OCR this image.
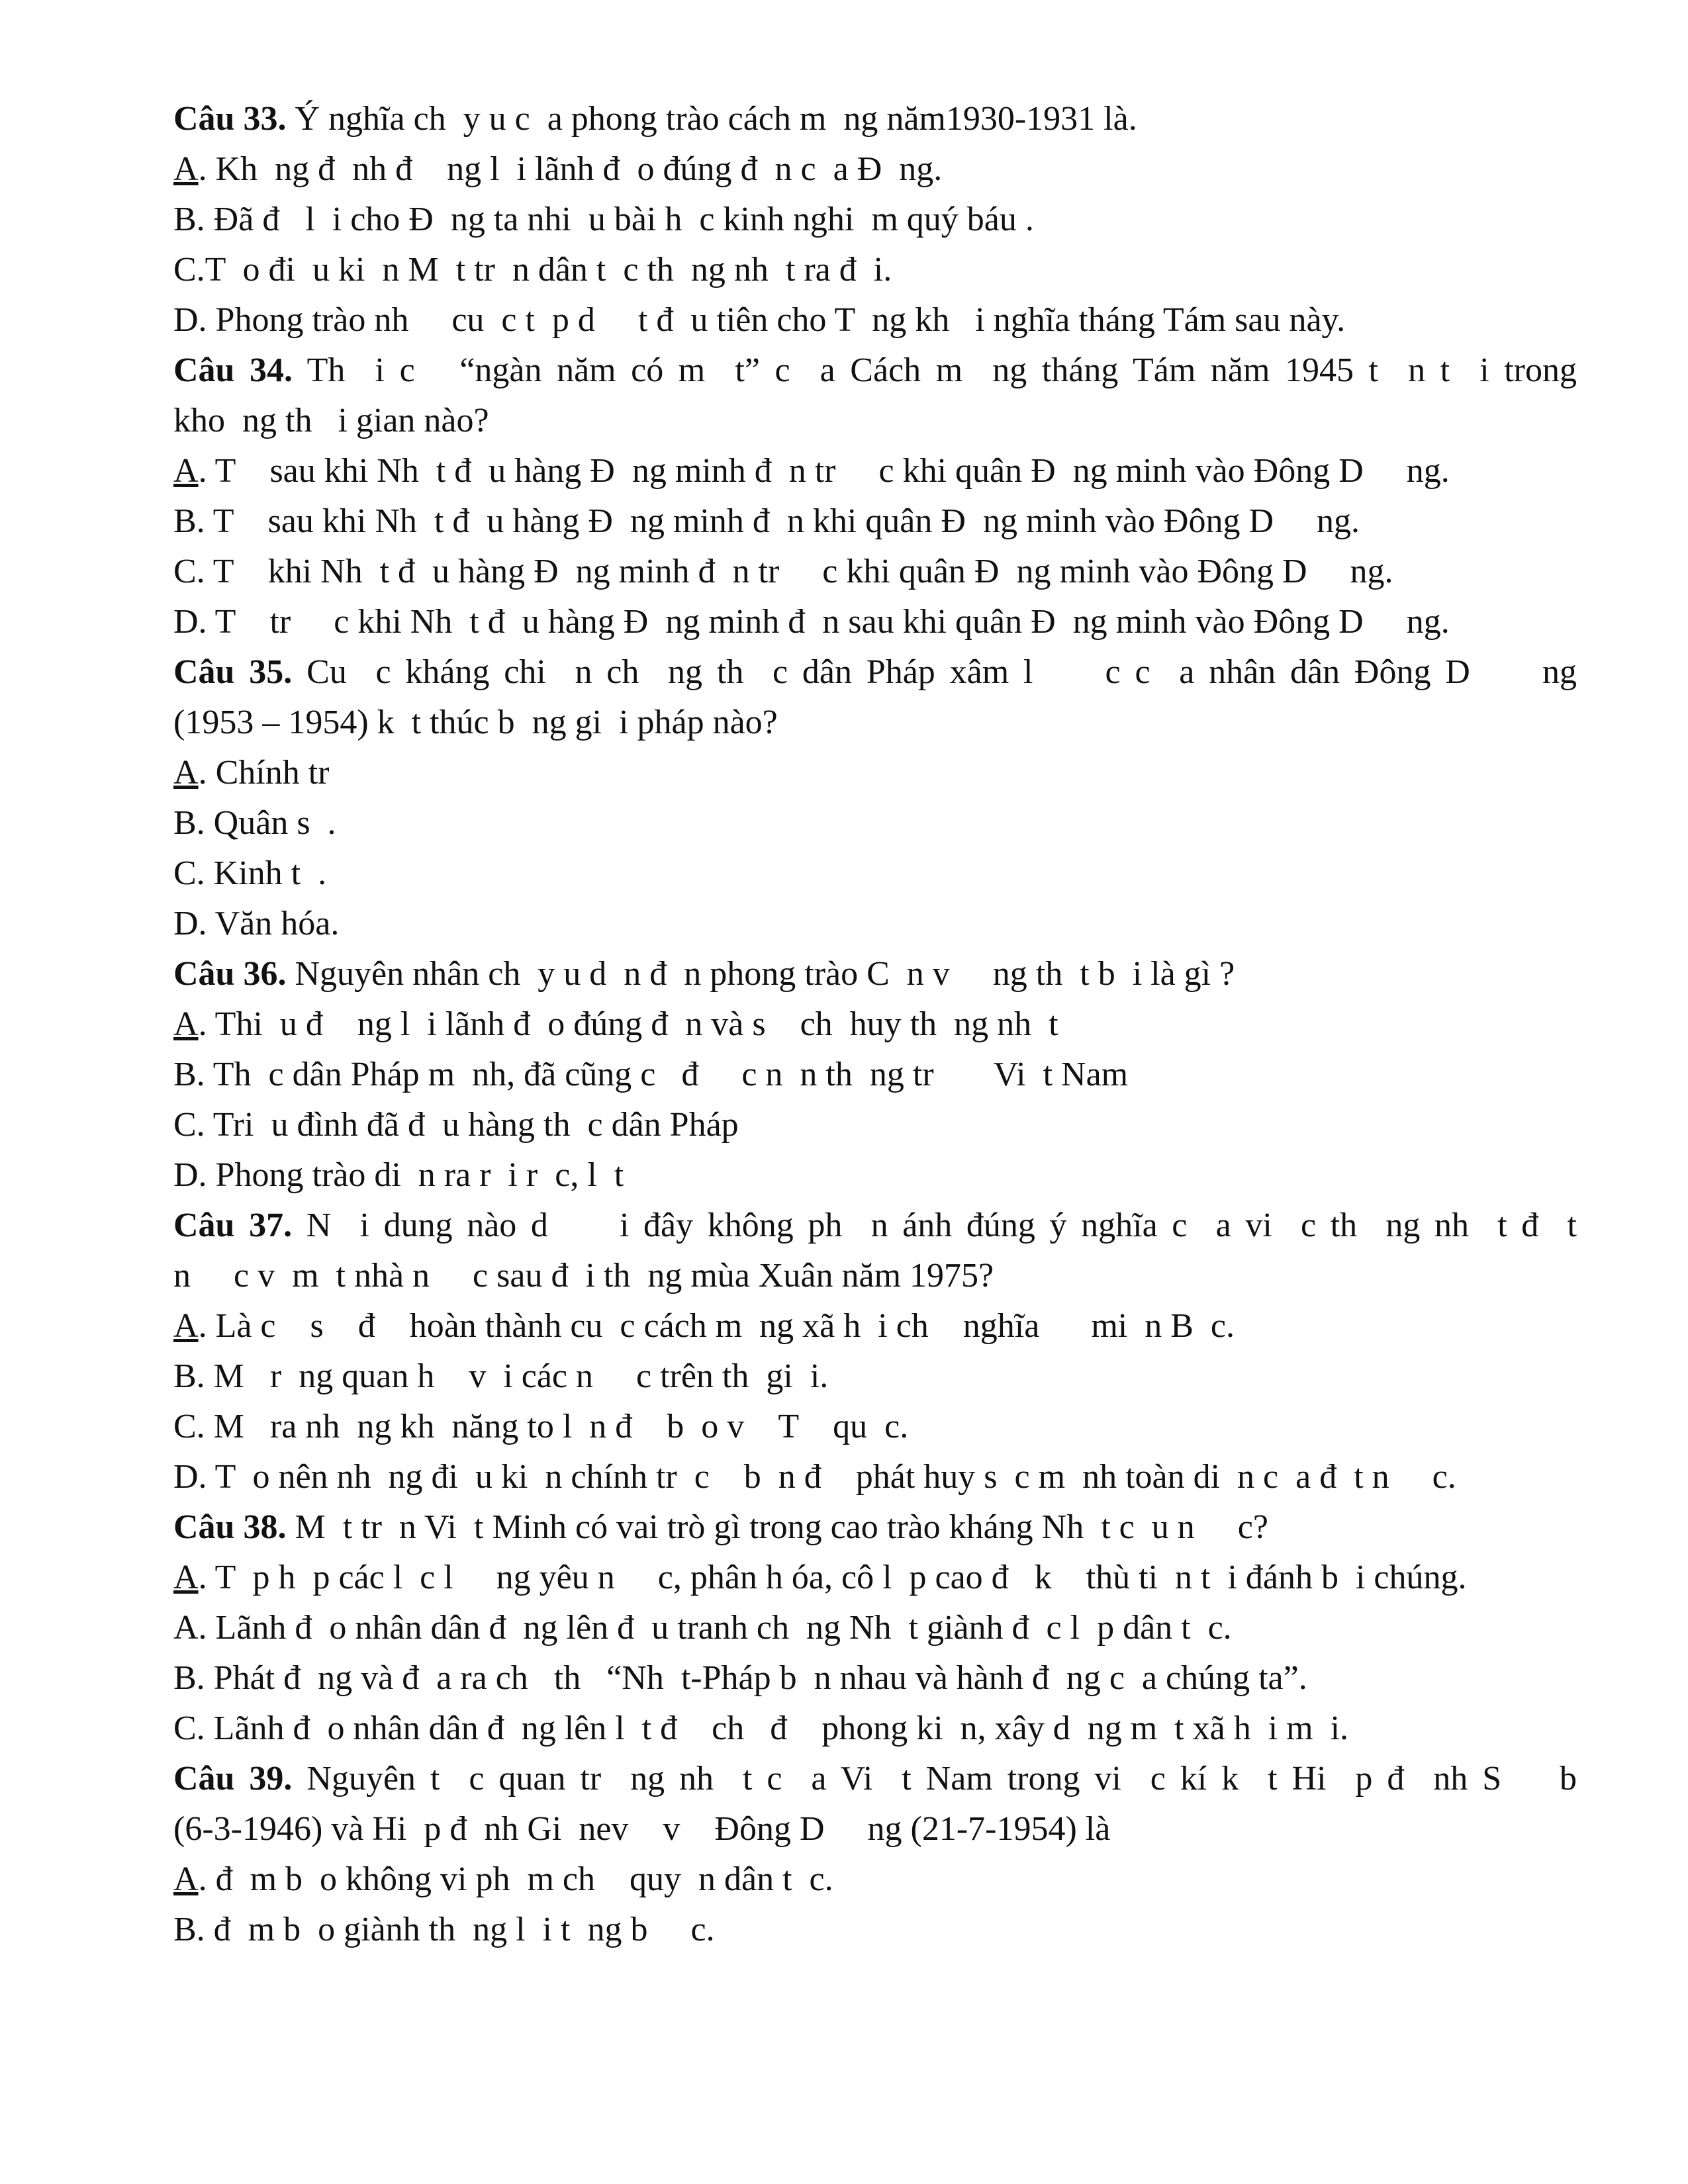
Câu 33. Ý nghĩa ch  y u c  a phong trào cách m  ng năm1930-1931 là.
A. Kh  ng đ  nh đ    ng l  i lãnh đ  o đúng đ  n c  a Đ  ng.
B. Đã đ   l  i cho Đ  ng ta nhi  u bài h  c kinh nghi  m quý báu .
C.T  o đi  u ki  n M  t tr  n dân t  c th  ng nh  t ra đ  i.
D. Phong trào nh     cu  c t  p d     t đ  u tiên cho T  ng kh   i nghĩa tháng Tám sau này.
Câu 34. Th  i c   “ngàn năm có m  t” c  a Cách m  ng tháng Tám năm 1945 t  n t  i trong
kho  ng th   i gian nào?
A. T    sau khi Nh  t đ  u hàng Đ  ng minh đ  n tr     c khi quân Đ  ng minh vào Đông D     ng.
B. T    sau khi Nh  t đ  u hàng Đ  ng minh đ  n khi quân Đ  ng minh vào Đông D     ng.
C. T    khi Nh  t đ  u hàng Đ  ng minh đ  n tr     c khi quân Đ  ng minh vào Đông D     ng.
D. T    tr     c khi Nh  t đ  u hàng Đ  ng minh đ  n sau khi quân Đ  ng minh vào Đông D     ng.
Câu 35. Cu  c kháng chi  n ch  ng th  c dân Pháp xâm l     c c  a nhân dân Đông D     ng
(1953 – 1954) k  t thúc b  ng gi  i pháp nào?
A. Chính tr
B. Quân s  .
C. Kinh t  .
D. Văn hóa.
Câu 36. Nguyên nhân ch  y u d  n đ  n phong trào C  n v     ng th  t b  i là gì ?
A. Thi  u đ    ng l  i lãnh đ  o đúng đ  n và s    ch  huy th  ng nh  t
B. Th  c dân Pháp m  nh, đã cũng c   đ     c n  n th  ng tr       Vi  t Nam
C. Tri  u đình đã đ  u hàng th  c dân Pháp
D. Phong trào di  n ra r  i r  c, l  t
Câu 37. N  i dung nào d     i đây không ph  n ánh đúng ý nghĩa c  a vi  c th  ng nh  t đ  t
n     c v  m  t nhà n     c sau đ  i th  ng mùa Xuân năm 1975?
A. Là c    s    đ    hoàn thành cu  c cách m  ng xã h  i ch    nghĩa      mi  n B  c.
B. M   r  ng quan h    v  i các n     c trên th  gi  i.
C. M   ra nh  ng kh  năng to l  n đ    b  o v    T    qu  c.
D. T  o nên nh  ng đi  u ki  n chính tr  c    b  n đ    phát huy s  c m  nh toàn di  n c  a đ  t n     c.
Câu 38. M  t tr  n Vi  t Minh có vai trò gì trong cao trào kháng Nh  t c  u n     c?
A. T  p h  p các l  c l     ng yêu n     c, phân h óa, cô l  p cao đ   k    thù ti  n t  i đánh b  i chúng.
A. Lãnh đ  o nhân dân đ  ng lên đ  u tranh ch  ng Nh  t giành đ  c l  p dân t  c.
B. Phát đ  ng và đ  a ra ch   th   “Nh  t-Pháp b  n nhau và hành đ  ng c  a chúng ta”.
C. Lãnh đ  o nhân dân đ  ng lên l  t đ    ch   đ    phong ki  n, xây d  ng m  t xã h  i m  i.
Câu 39. Nguyên t  c quan tr  ng nh  t c  a Vi  t Nam trong vi  c kí k  t Hi  p đ  nh S    b
(6-3-1946) và Hi  p đ  nh Gi  nev    v    Đông D     ng (21-7-1954) là
A. đ  m b  o không vi ph  m ch    quy  n dân t  c.
B. đ  m b  o giành th  ng l  i t  ng b     c.
